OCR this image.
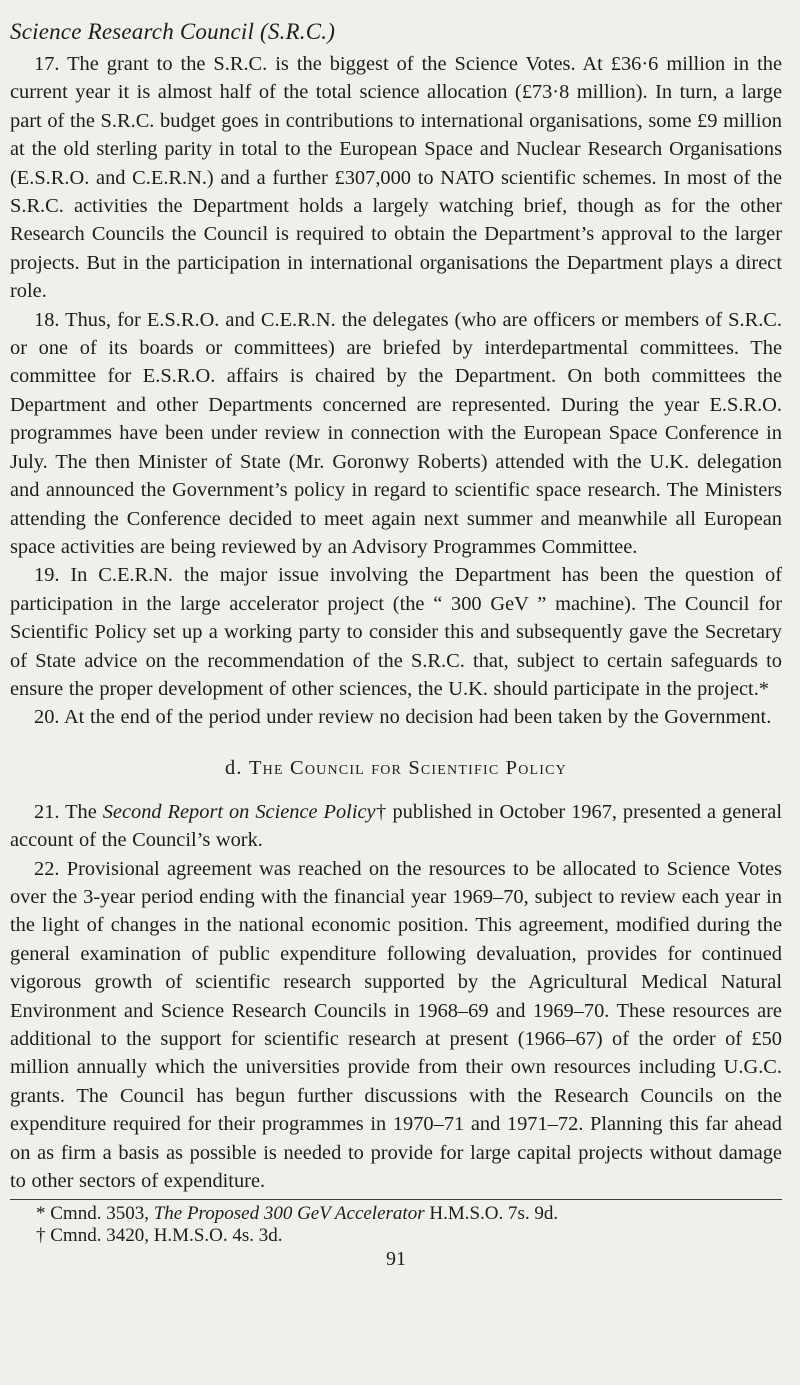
Science Research Council (S.R.C.)

17. The grant to the S.R.C. is the biggest of the Science Votes. At £36·6 million in the current year it is almost half of the total science allocation (£73·8 million). In turn, a large part of the S.R.C. budget goes in contributions to international organisations, some £9 million at the old sterling parity in total to the European Space and Nuclear Research Organisations (E.S.R.O. and C.E.R.N.) and a further £307,000 to NATO scientific schemes. In most of the S.R.C. activities the Department holds a largely watching brief, though as for the other Research Councils the Council is required to obtain the Department’s approval to the larger projects. But in the participation in international organisations the Department plays a direct role.

18. Thus, for E.S.R.O. and C.E.R.N. the delegates (who are officers or members of S.R.C. or one of its boards or committees) are briefed by interdepartmental committees. The committee for E.S.R.O. affairs is chaired by the Department. On both committees the Department and other Departments concerned are represented. During the year E.S.R.O. programmes have been under review in connection with the European Space Conference in July. The then Minister of State (Mr. Goronwy Roberts) attended with the U.K. delegation and announced the Government’s policy in regard to scientific space research. The Ministers attending the Conference decided to meet again next summer and meanwhile all European space activities are being reviewed by an Advisory Programmes Committee.

19. In C.E.R.N. the major issue involving the Department has been the question of participation in the large accelerator project (the “ 300 GeV ” machine). The Council for Scientific Policy set up a working party to consider this and subsequently gave the Secretary of State advice on the recommendation of the S.R.C. that, subject to certain safeguards to ensure the proper development of other sciences, the U.K. should participate in the project.*

20. At the end of the period under review no decision had been taken by the Government.

d. The Council for Scientific Policy

21. The Second Report on Science Policy† published in October 1967, presented a general account of the Council’s work.

22. Provisional agreement was reached on the resources to be allocated to Science Votes over the 3-year period ending with the financial year 1969–70, subject to review each year in the light of changes in the national economic position. This agreement, modified during the general examination of public expenditure following devaluation, provides for continued vigorous growth of scientific research supported by the Agricultural Medical Natural Environment and Science Research Councils in 1968–69 and 1969–70. These resources are additional to the support for scientific research at present (1966–67) of the order of £50 million annually which the universities provide from their own resources including U.G.C. grants. The Council has begun further discussions with the Research Councils on the expenditure required for their programmes in 1970–71 and 1971–72. Planning this far ahead on as firm a basis as possible is needed to provide for large capital projects without damage to other sectors of expenditure.

* Cmnd. 3503, The Proposed 300 GeV Accelerator H.M.S.O. 7s. 9d.
† Cmnd. 3420, H.M.S.O. 4s. 3d.
91
